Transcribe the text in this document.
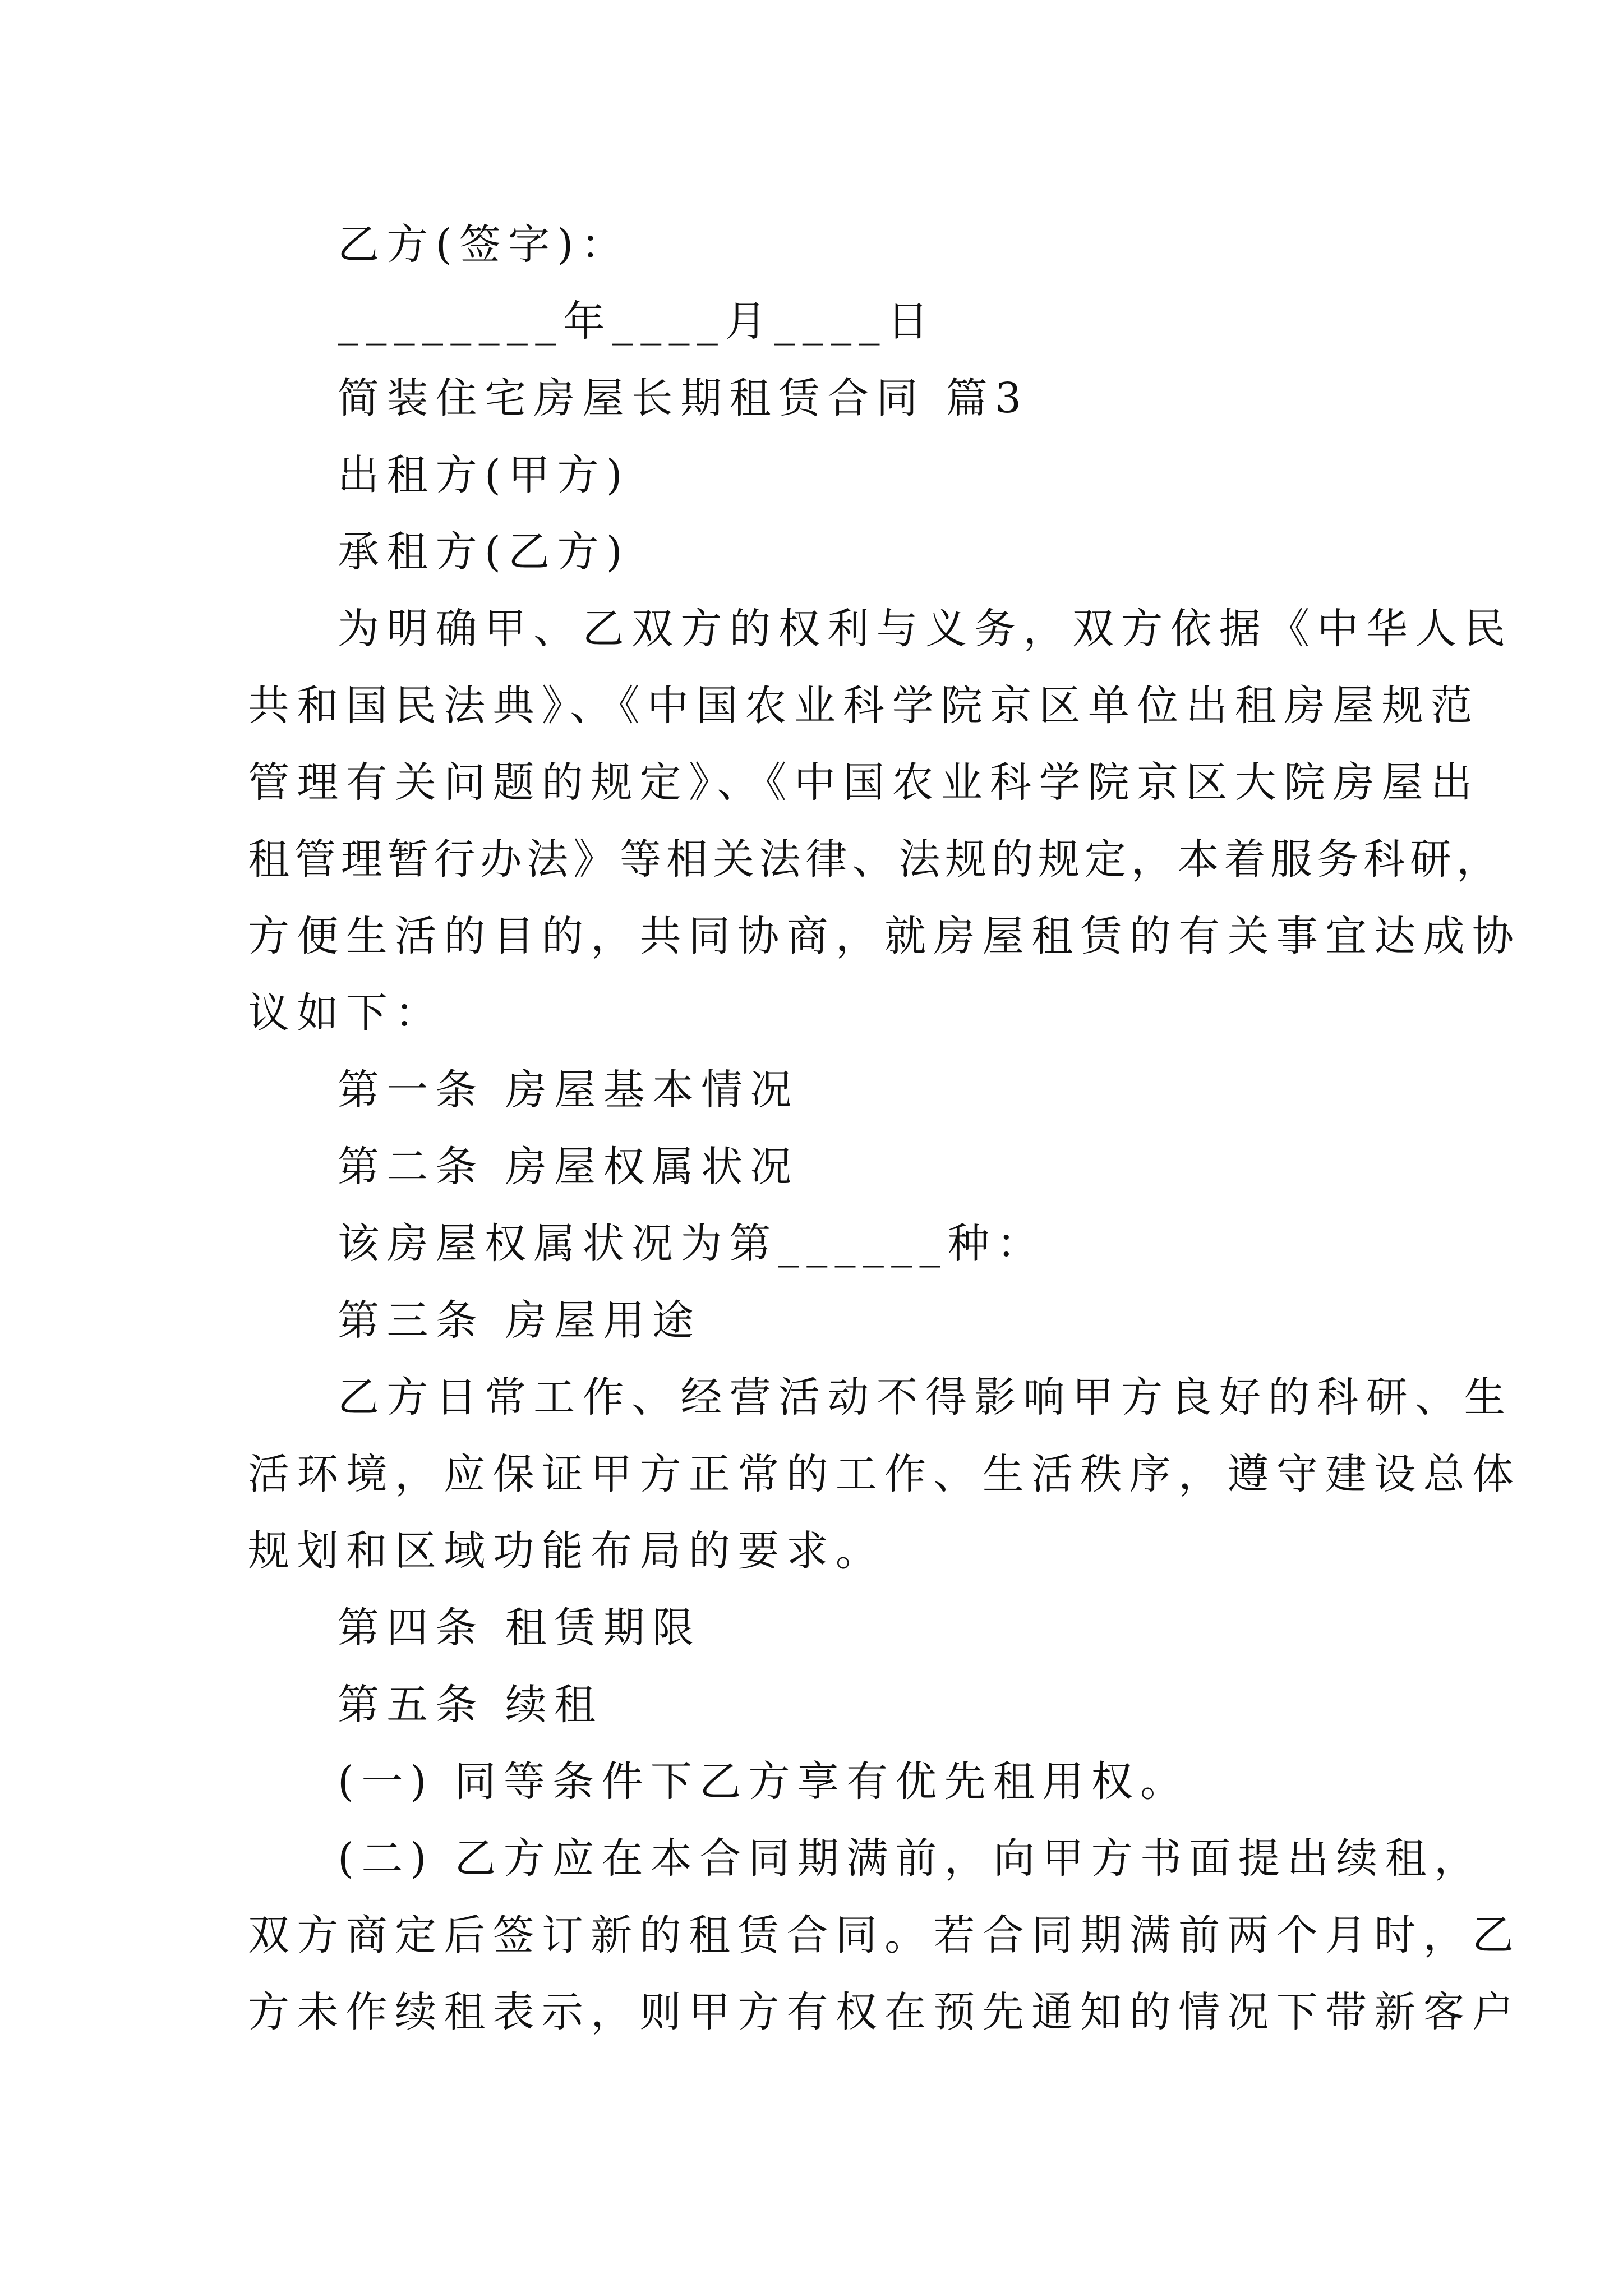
乙方(签字)：
________年____月____日
简装住宅房屋长期租赁合同 篇3
出租方(甲方)
承租方(乙方)
为明确甲、乙双方的权利与义务，双方依据《中华人民
共和国民法典》、《中国农业科学院京区单位出租房屋规范
管理有关问题的规定》、《中国农业科学院京区大院房屋出
租管理暂行办法》等相关法律、法规的规定，本着服务科研，
方便生活的目的，共同协商，就房屋租赁的有关事宜达成协
议如下：
第一条 房屋基本情况
第二条 房屋权属状况
该房屋权属状况为第______种：
第三条 房屋用途
乙方日常工作、经营活动不得影响甲方良好的科研、生
活环境，应保证甲方正常的工作、生活秩序，遵守建设总体
规划和区域功能布局的要求。
第四条 租赁期限
第五条 续租
(一) 同等条件下乙方享有优先租用权。
(二) 乙方应在本合同期满前，向甲方书面提出续租，
双方商定后签订新的租赁合同。若合同期满前两个月时，乙
方未作续租表示，则甲方有权在预先通知的情况下带新客户
